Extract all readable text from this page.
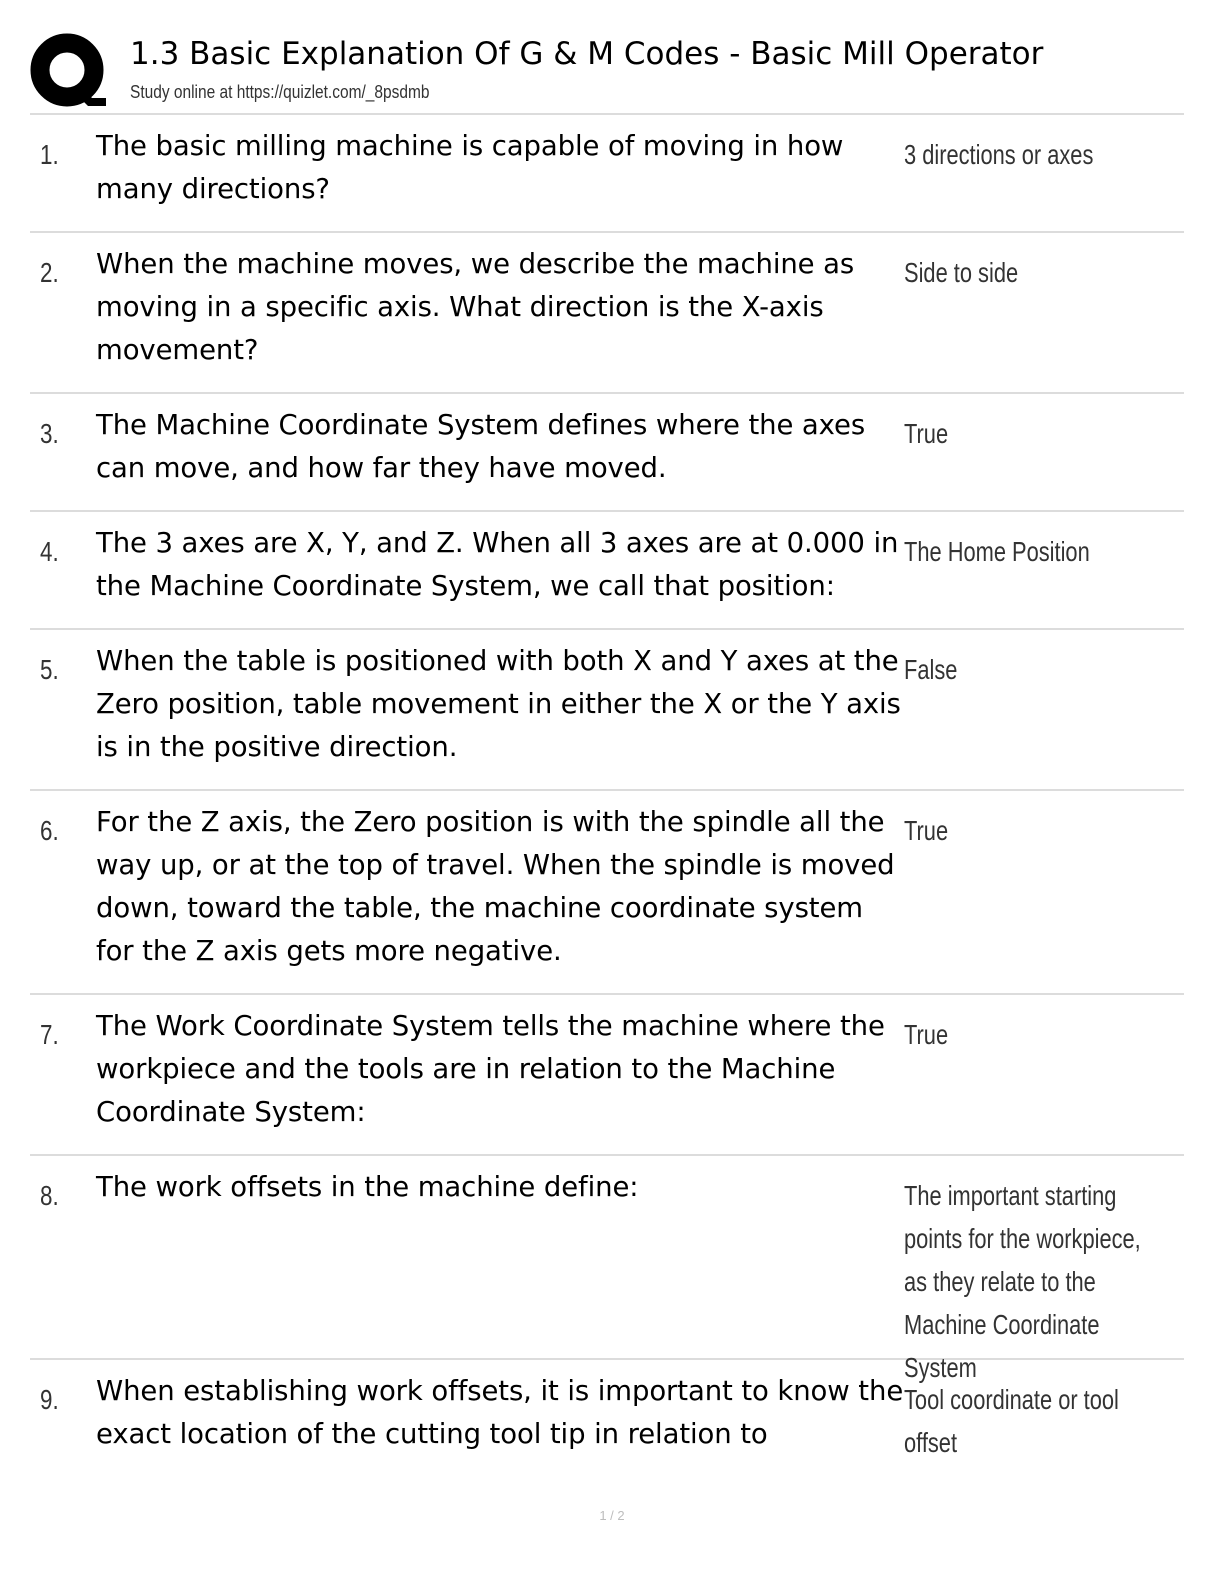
1.3 Basic Explanation Of G & M Codes - Basic Mill Operator
Study online at https://quizlet.com/_8psdmb
1. The basic milling machine is capable of moving in how many directions?
3 directions or axes
2. When the machine moves, we describe the machine as moving in a specific axis. What direction is the X-axis movement?
Side to side
3. The Machine Coordinate System defines where the axes can move, and how far they have moved.
True
4. The 3 axes are X, Y, and Z. When all 3 axes are at 0.000 in the Machine Coordinate System, we call that position:
The Home Position
5. When the table is positioned with both X and Y axes at the Zero position, table movement in either the X or the Y axis is in the positive direction.
False
6. For the Z axis, the Zero position is with the spindle all the way up, or at the top of travel. When the spindle is moved down, toward the table, the machine coordinate system for the Z axis gets more negative.
True
7. The Work Coordinate System tells the machine where the workpiece and the tools are in relation to the Machine Coordinate System:
True
8. The work offsets in the machine define:	The important starting points for the workpiece, as they relate to the Machine Coordinate System
9. When establishing work offsets, it is important to know the exact location of the cutting tool tip in relation to
Tool coordinate or tool offset
1 / 2
